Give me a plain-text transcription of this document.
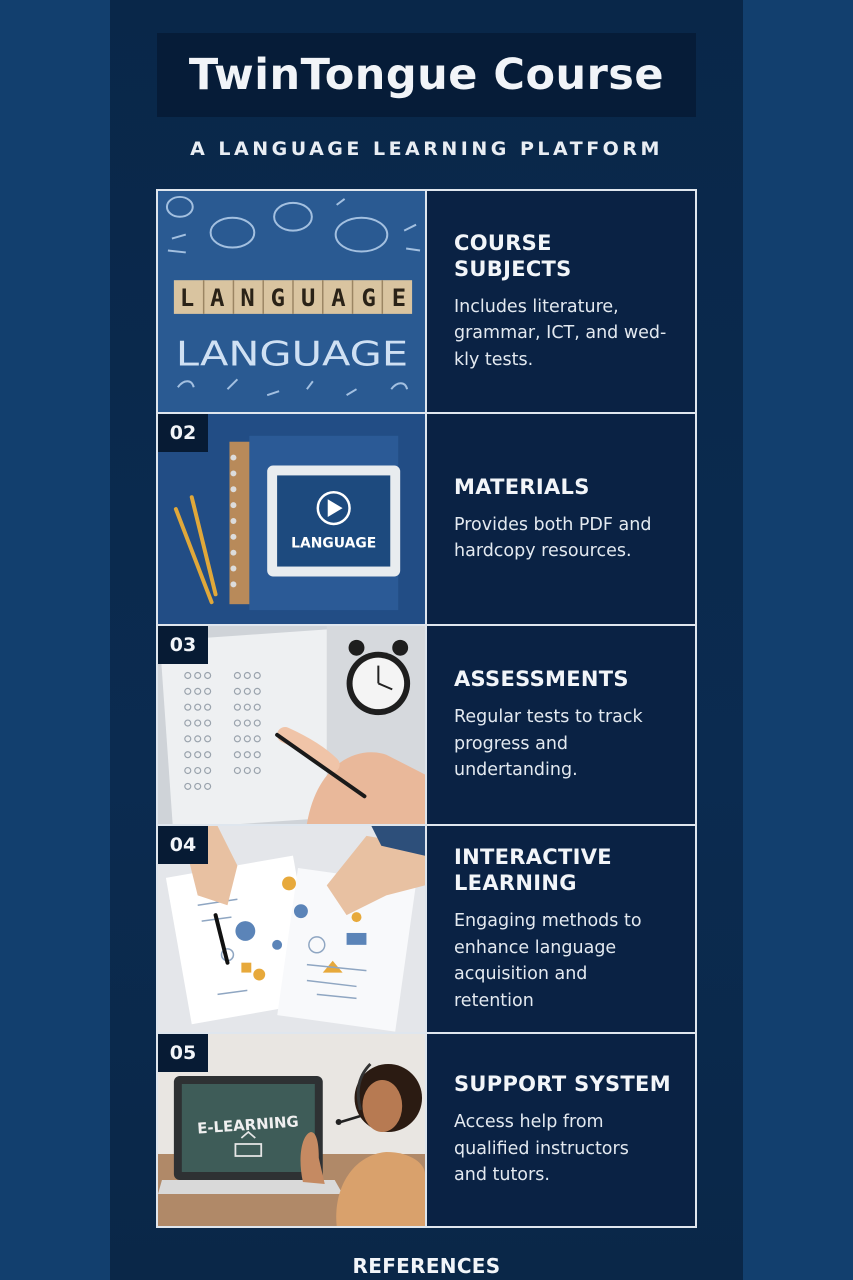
TwinTongue Course
A LANGUAGE LEARNING PLATFORM
LANGUAGE
LANGUAGE
COURSE SUBJECTS
Includes literature, grammar, ICT, and wed-kly tests.
LANGUAGE
02
MATERIALS
Provides both PDF and hardcopy resources.
03
ASSESSMENTS
Regular tests to track progress and undertanding.
04	INTERACTIVE LEARNING
Engaging methods to enhance language acquisition and retention
E-LEARNING
05
SUPPORT SYSTEM
Access help from qualified instructors and tutors.
REFERENCES
